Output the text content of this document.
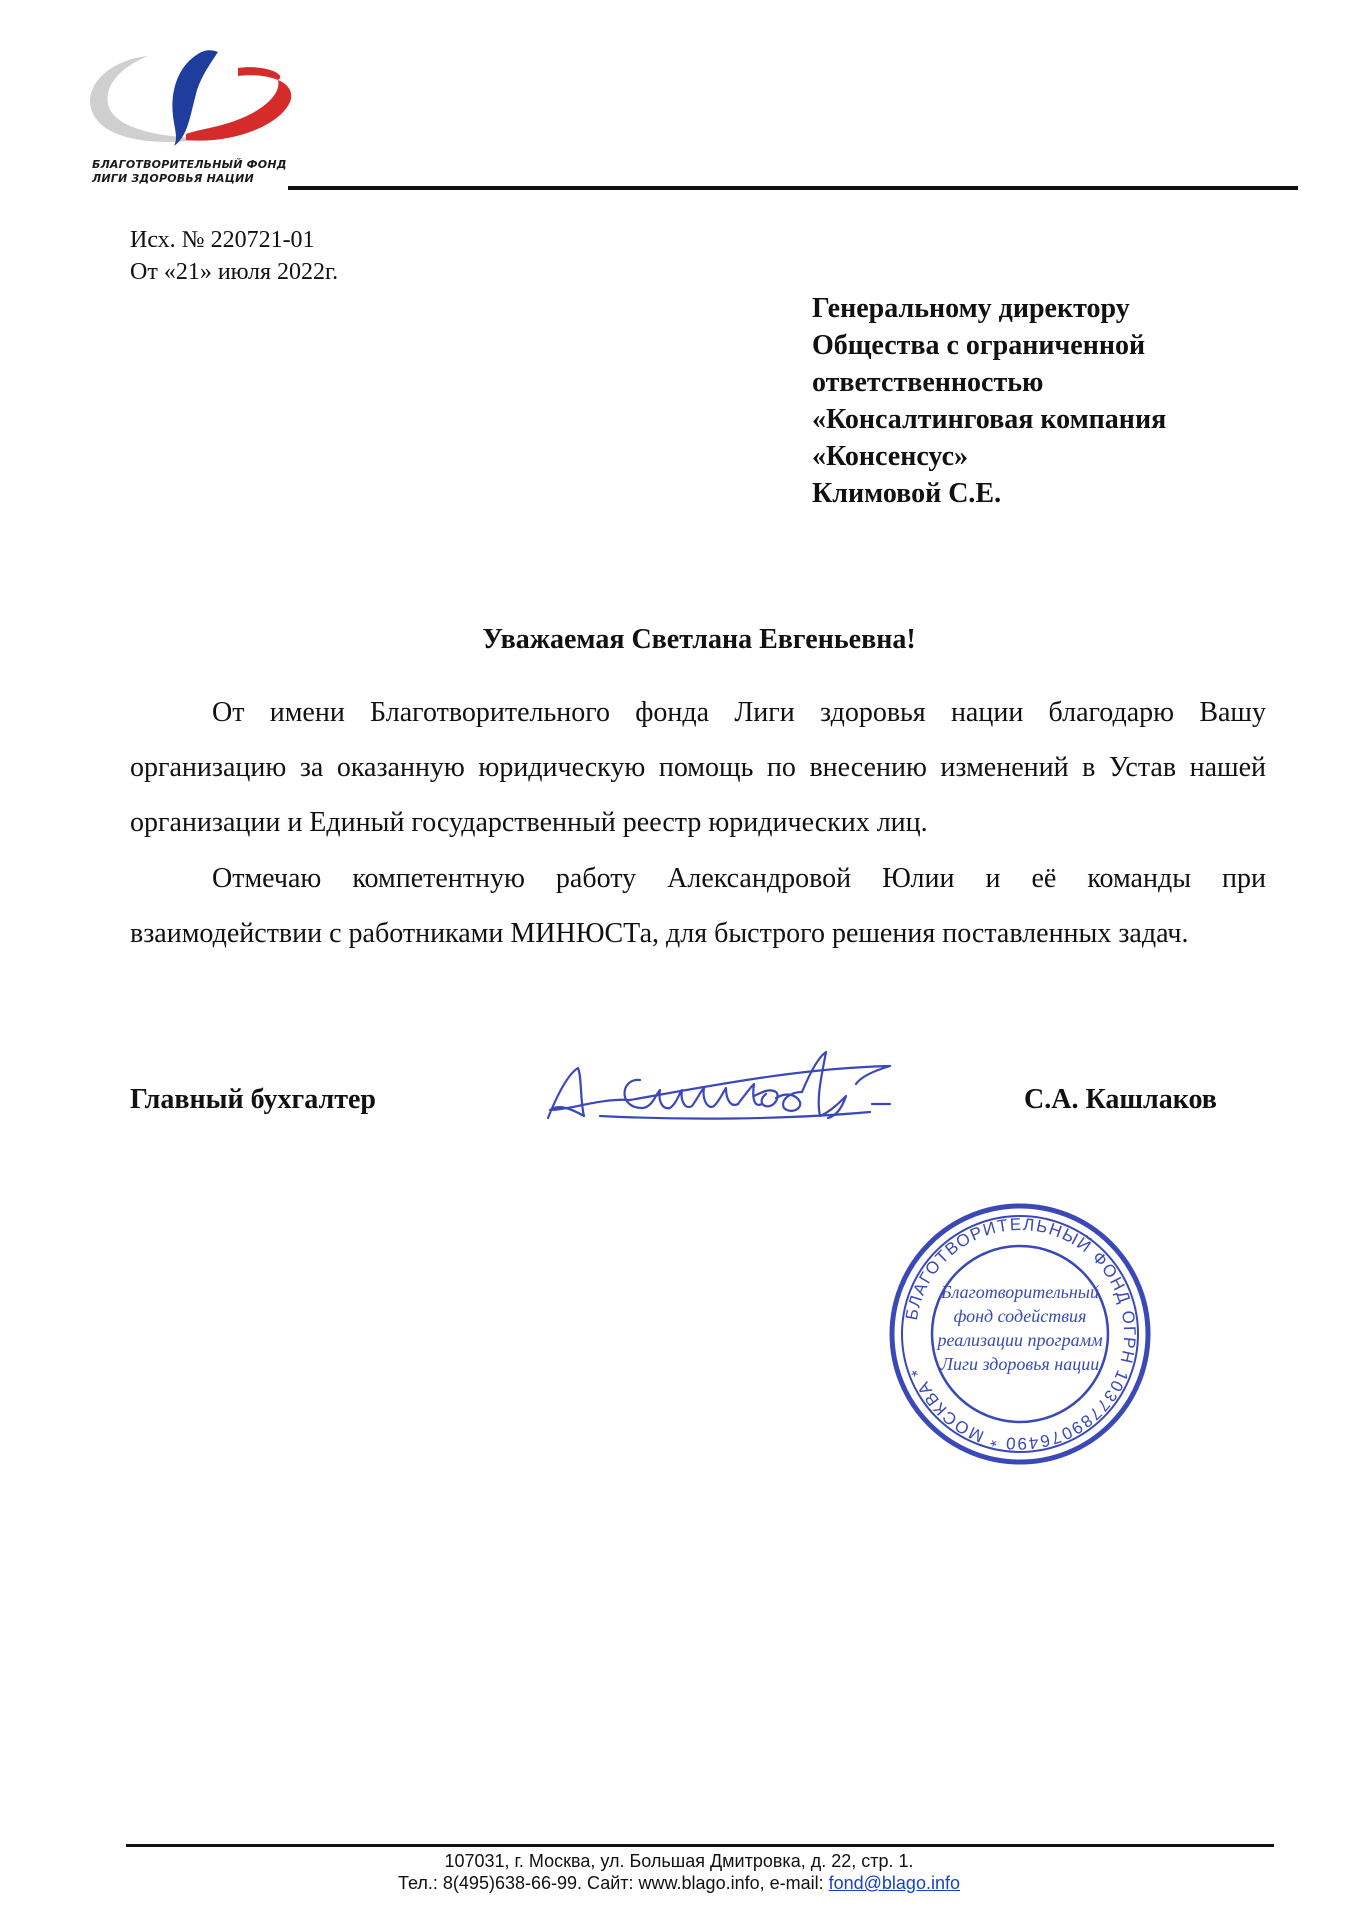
БЛАГОТВОРИТЕЛЬНЫЙ ФОНД
ЛИГИ ЗДОРОВЬЯ НАЦИИ
Исх. № 220721-01
От «21» июля 2022г.
Генеральному директору
Общества с ограниченной
ответственностью
«Консалтинговая компания
«Консенсус»
Климовой С.Е.
Уважаемая Светлана Евгеньевна!

От имени Благотворительного фонда Лиги здоровья нации благодарю Вашу организацию за оказанную юридическую помощь по внесению изменений в Устав нашей организации и Единый государственный реестр юридических лиц.

Отмечаю компетентную работу Александровой Юлии и её команды при взаимодействии с работниками МИНЮСТа, для быстрого решения поставленных задач.

Главный бухгалтер	С.А. Кашлаков
БЛАГОТВОРИТЕЛЬНЫЙ ФОНД ОГРН 1037789076490 * МОСКВА *
Благотворительный
фонд содействия
реализации программ
Лиги здоровья нации
107031, г. Москва, ул. Большая Дмитровка, д. 22, стр. 1.
Тел.: 8(495)638-66-99. Сайт: www.blago.info, e-mail: fond@blago.info
